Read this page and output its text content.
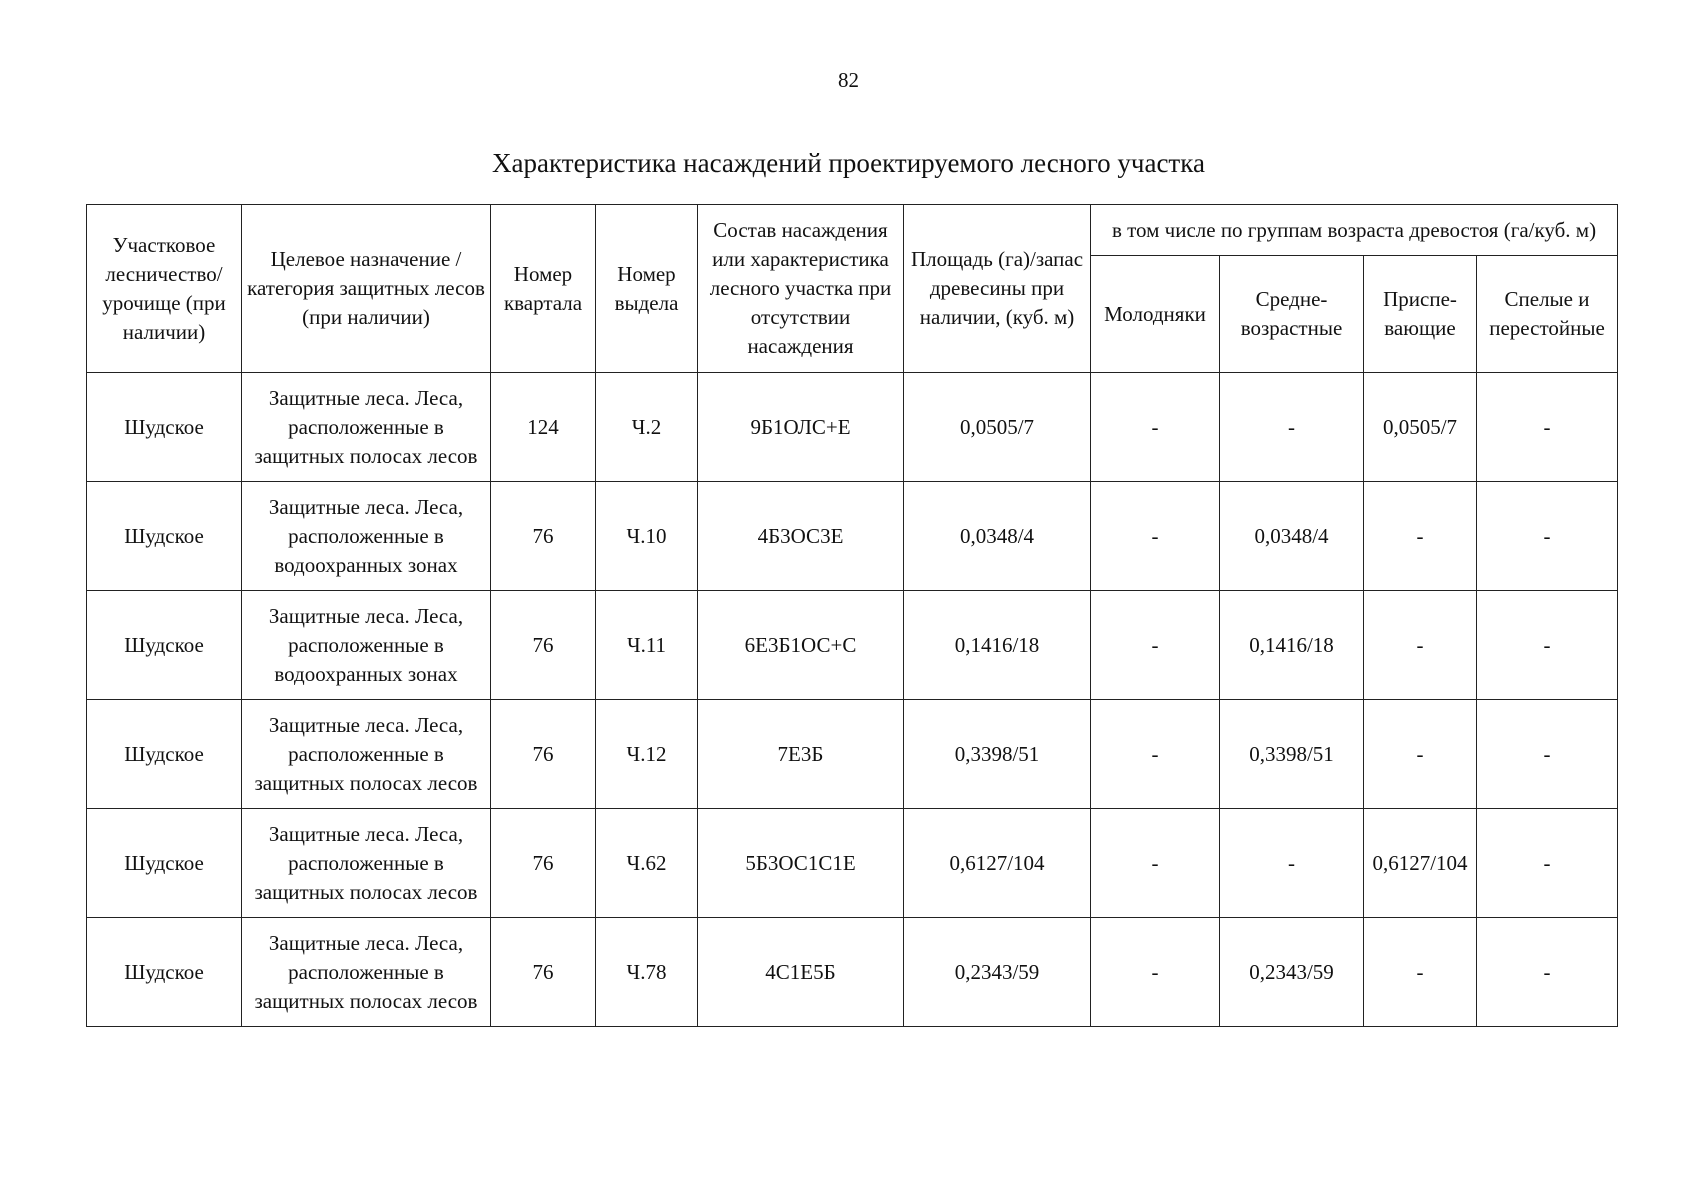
82
Характеристика насаждений проектируемого лесного участка
Участковое лесничество/ урочище (при наличии)	Целевое назначение / категория защитных лесов (при наличии)	Номер квартала	Номер выдела	Состав насаждения или характеристика лесного участка при отсутствии насаждения	Площадь (га)/запас древесины при наличии, (куб. м)	в том числе по группам возраста древостоя (га/куб. м)			
						Молодняки	Средне-возрастные	Приспе-вающие	Спелые и перестойные
Шудское	Защитные леса. Леса, расположенные в защитных полосах лесов	124	Ч.2	9Б1ОЛС+Е	0,0505/7	-	-	0,0505/7	-
Шудское	Защитные леса. Леса, расположенные в водоохранных зонах	76	Ч.10	4Б3ОС3Е	0,0348/4	-	0,0348/4	-	-
Шудское	Защитные леса. Леса, расположенные в водоохранных зонах	76	Ч.11	6Е3Б1ОС+С	0,1416/18	-	0,1416/18	-	-
Шудское	Защитные леса. Леса, расположенные в защитных полосах лесов	76	Ч.12	7Е3Б	0,3398/51	-	0,3398/51	-	-
Шудское	Защитные леса. Леса, расположенные в защитных полосах лесов	76	Ч.62	5Б3ОС1С1Е	0,6127/104	-	-	0,6127/104	-
Шудское	Защитные леса. Леса, расположенные в защитных полосах лесов	76	Ч.78	4С1Е5Б	0,2343/59	-	0,2343/59	-	-
